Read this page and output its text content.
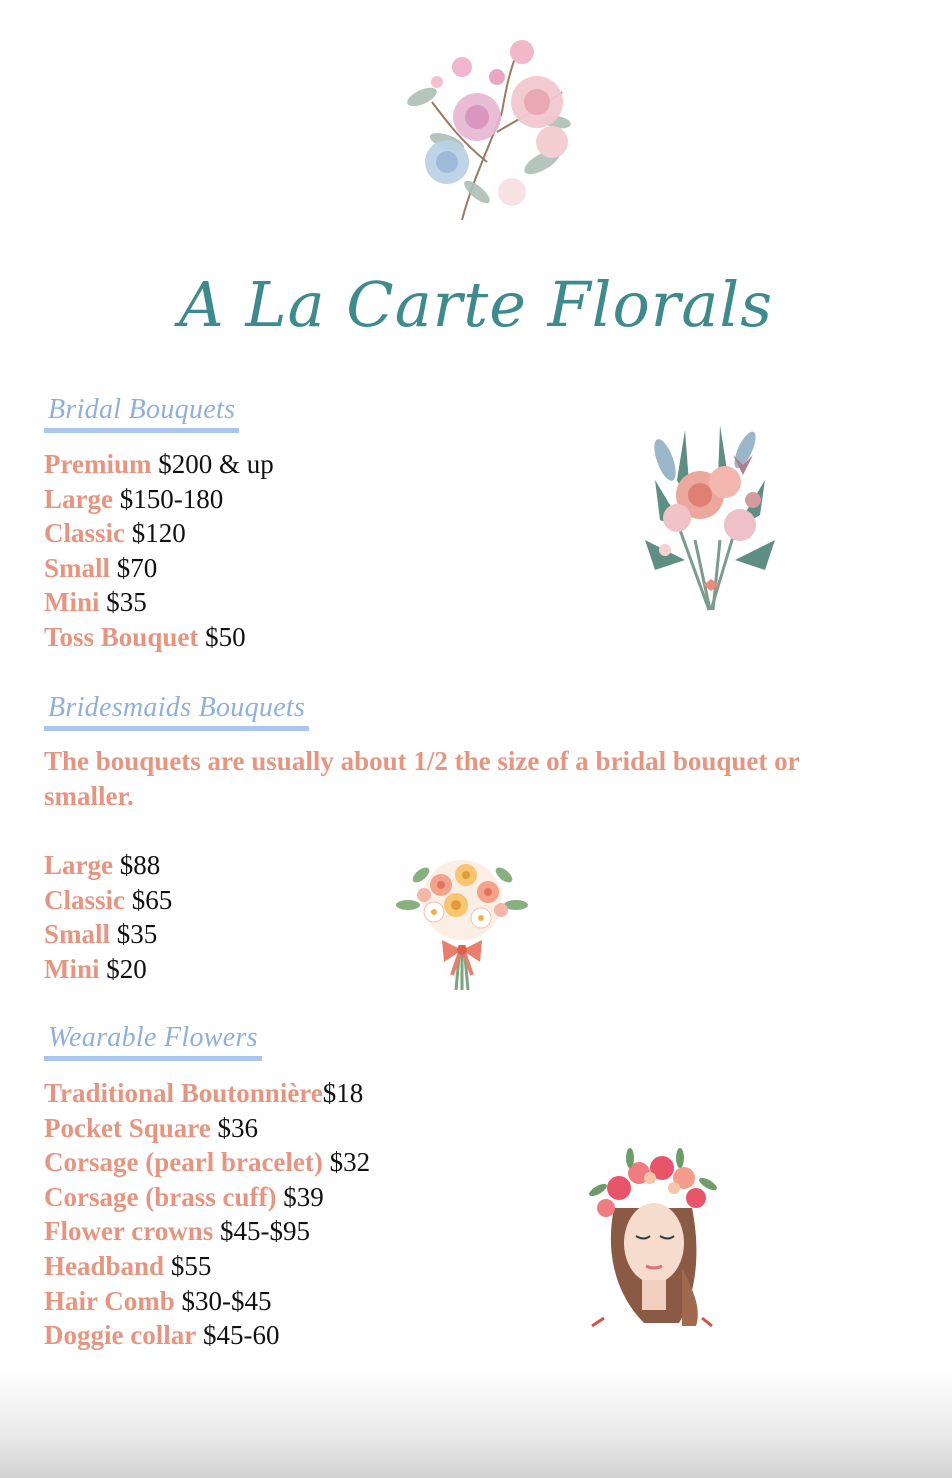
A La Carte Florals
Bridal Bouquets
Premium $200 & up
Large $150-180
Classic $120
Small $70
Mini $35
Toss Bouquet $50
Bridesmaids Bouquets
The bouquets are usually about 1/2 the size of a bridal bouquet or smaller.
Large $88
Classic $65
Small $35
Mini $20
Wearable Flowers
Traditional Boutonnière$18
Pocket Square $36
Corsage (pearl bracelet) $32
Corsage (brass cuff) $39
Flower crowns $45-$95
Headband $55
Hair Comb $30-$45
Doggie collar $45-60
